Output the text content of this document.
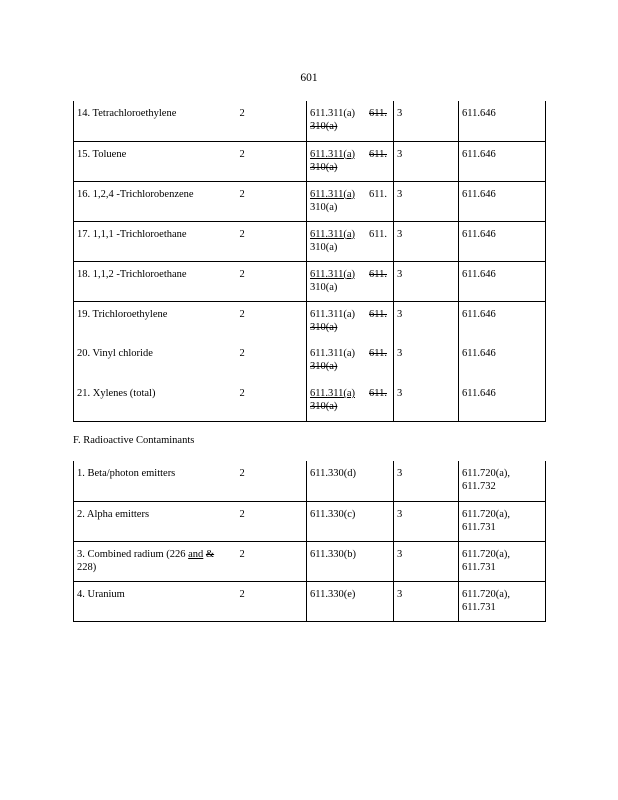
601
14. Tetrachloroethylene	2	611.311(a) 611.
310(a)	3	611.646
15. Toluene	2	611.311(a) 611.
310(a)	3	611.646
16. 1,2,4 -Trichlorobenzene	2	611.311(a) 611.
310(a)	3	611.646
17. 1,1,1 -Trichloroethane	2	611.311(a) 611.
310(a)	3	611.646
18. 1,1,2 -Trichloroethane	2	611.311(a) 611.
310(a)	3	611.646
19. Trichloroethylene	2	611.311(a) 611.
310(a)	3	611.646
20. Vinyl chloride	2	611.311(a) 611.
310(a)	3	611.646
21. Xylenes (total)	2	611.311(a) 611.
310(a)	3	611.646
F. Radioactive Contaminants
1. Beta/photon emitters	2	611.330(d)	3	611.720(a),
611.732
2. Alpha emitters	2	611.330(c)	3	611.720(a),
611.731
3. Combined radium (226 and &
228)	2	611.330(b)	3	611.720(a),
611.731
4. Uranium	2	611.330(e)	3	611.720(a),
611.731
